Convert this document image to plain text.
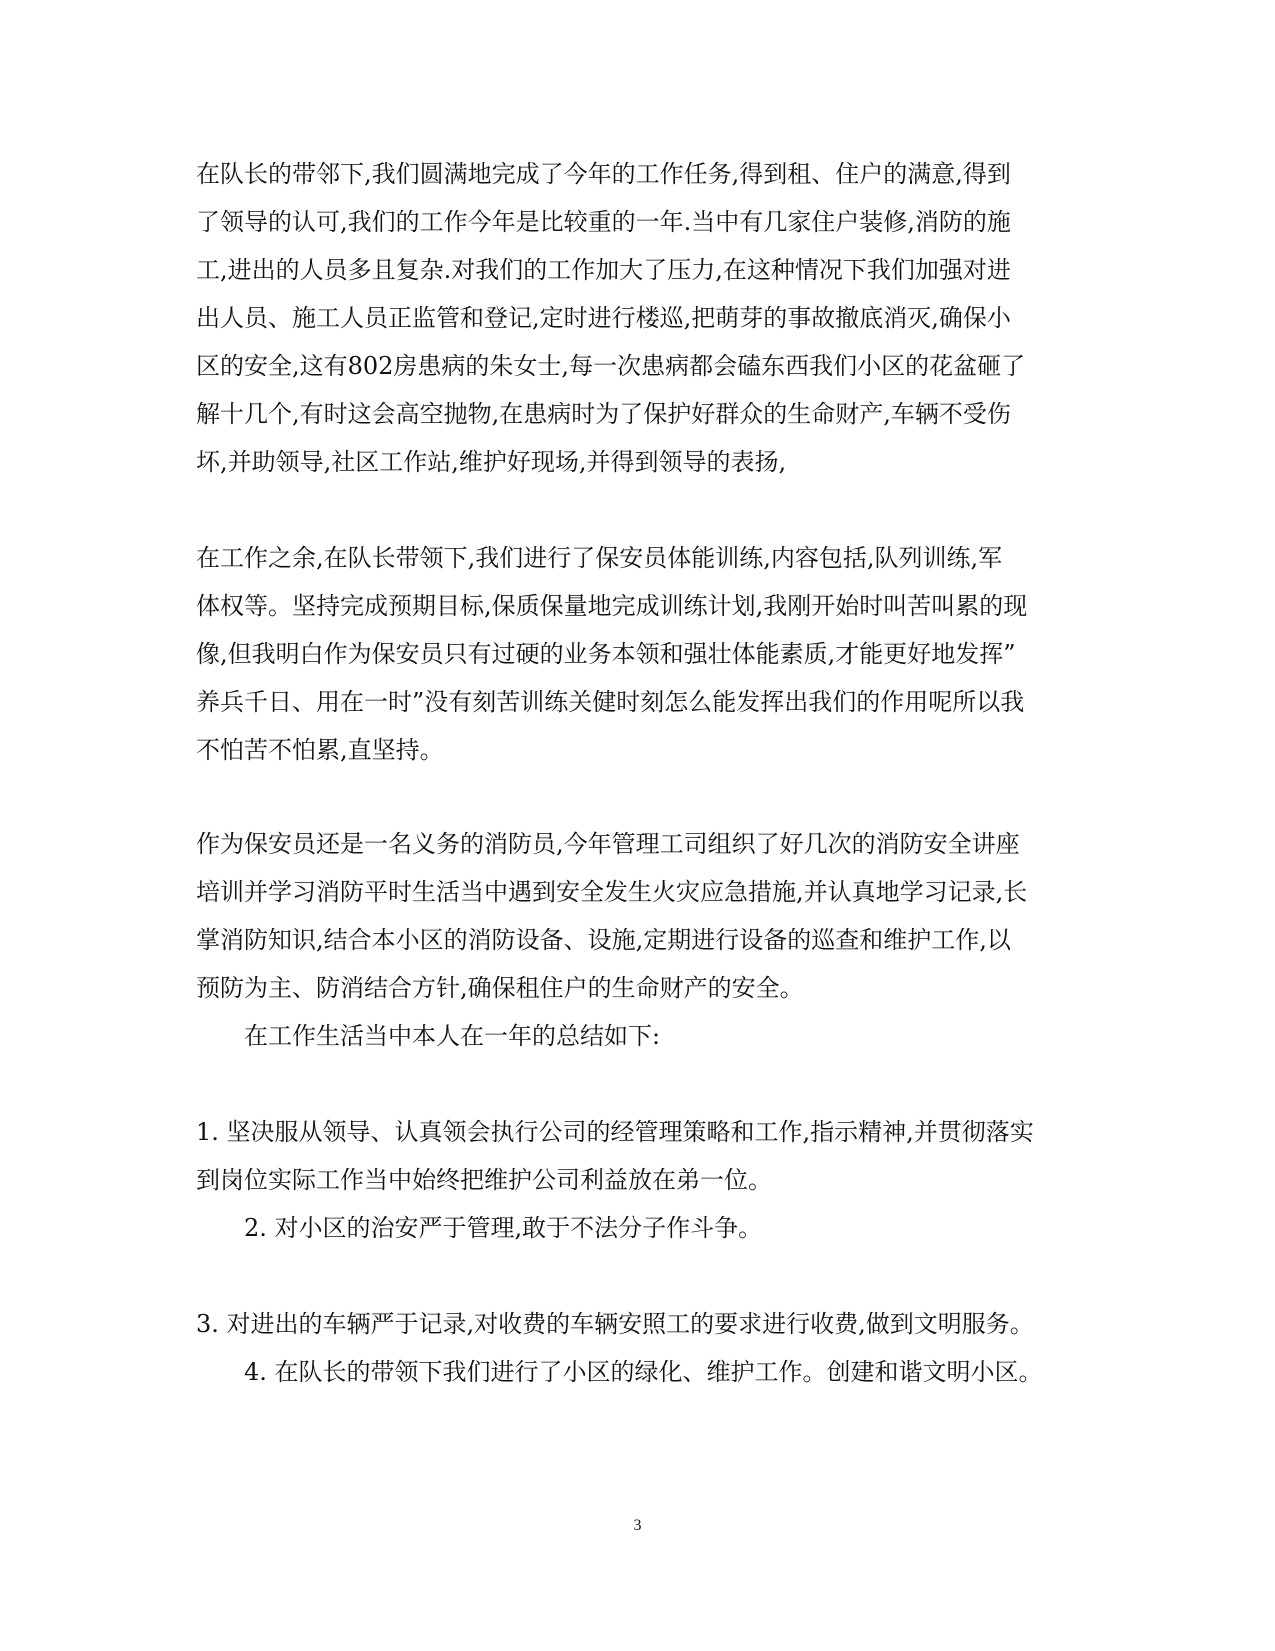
在队长的带邻下,我们圆满地完成了今年的工作任务,得到租、住户的满意,得到
了领导的认可,我们的工作今年是比较重的一年.当中有几家住户装修,消防的施
工,进出的人员多且复杂.对我们的工作加大了压力,在这种情况下我们加强对进
出人员、施工人员正监管和登记,定时进行楼巡,把萌芽的事故撤底消灭,确保小
区的安全,这有802房患病的朱女士,每一次患病都会磕东西我们小区的花盆砸了
解十几个,有时这会高空抛物,在患病时为了保护好群众的生命财产,车辆不受伤
坏,并助领导,社区工作站,维护好现场,并得到领导的表扬,
在工作之余,在队长带领下,我们进行了保安员体能训练,内容包括,队列训练,军
体权等。坚持完成预期目标,保质保量地完成训练计划,我刚开始时叫苦叫累的现
像,但我明白作为保安员只有过硬的业务本领和强壮体能素质,才能更好地发挥”
养兵千日、用在一时”没有刻苦训练关健时刻怎么能发挥出我们的作用呢所以我
不怕苦不怕累,直坚持。
作为保安员还是一名义务的消防员,今年管理工司组织了好几次的消防安全讲座
培训并学习消防平时生活当中遇到安全发生火灾应急措施,并认真地学习记录,长
掌消防知识,结合本小区的消防设备、设施,定期进行设备的巡查和维护工作,以
预防为主、防消结合方针,确保租住户的生命财产的安全。
在工作生活当中本人在一年的总结如下:
1. 坚决服从领导、认真领会执行公司的经管理策略和工作,指示精神,并贯彻落实
到岗位实际工作当中始终把维护公司利益放在弟一位。
2. 对小区的治安严于管理,敢于不法分子作斗争。
3. 对进出的车辆严于记录,对收费的车辆安照工的要求进行收费,做到文明服务。
4. 在队长的带领下我们进行了小区的绿化、维护工作。创建和谐文明小区。
3
